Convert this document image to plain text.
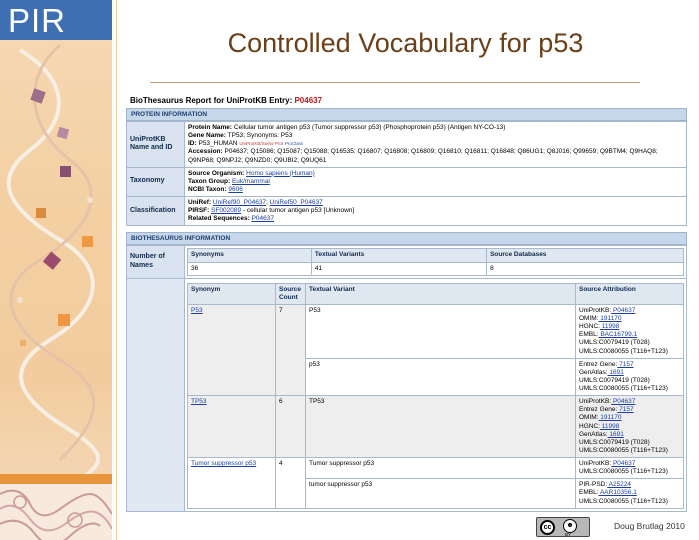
PIR
Controlled Vocabulary for p53
BioThesaurus Report for UniProtKB Entry: P04637
PROTEIN INFORMATION
UniProtKB Name and ID	Protein Name: Cellular tumor antigen p53 (Tumor suppressor p53) (Phosphoprotein p53) (Antigen NY-CO-13)
Gene Name: TP53; Synonyms: P53
ID: P53_HUMAN UniProtKB/Swiss-Prot ProClass
Accession: P04637; Q15086; Q15087; Q15088; Q16535; Q16807; Q16808; Q16809; Q16810; Q16811; Q16848; Q86UG1; Q8J016; Q99659; Q9BTM4; Q9HAQ8; Q9NP68; Q9NPJ2; Q9NZD0; Q9UBI2; Q9UQ61
Taxonomy	Source Organism: Homo sapiens (Human)
Taxon Group: Euk/mammal
NCBI Taxon: 9606
Classification	UniRef: UniRef90_P04637; UniRef50_P04637
PIRSF: SF002089 - cellular tumor antigen p53 [Unknown]
Related Sequences: P04637
BIOTHESAURUS INFORMATION
Number of Names	
Synonyms	Textual Variants	Source Databases
36	41	8

Synonym	Source Count	Textual Variant	Source Attribution
P53	7	P53	UniProtKB: P04637
OMIM: 191170
HGNC: 11998
EMBL: BAC16799.1
UMLS:C0079419 (T028)
UMLS:C0080055 (T116+T123)

p53	Entrez Gene: 7157
GenAtlas: 1691
UMLS:C0079419 (T028)
UMLS:C0080055 (T116+T123)

TP53	6	TP53	UniProtKB: P04637
Entrez Gene: 7157
OMIM: 191170
HGNC: 11998
GenAtlas: 1691
UMLS:C0079419 (T028)
UMLS:C0080055 (T116+T123)

Tumor suppressor p53	4	Tumor suppressor p53	UniProtKB: P04637
UMLS:C0080055 (T116+T123)

tumor suppressor p53	PIR-PSD: A25224
EMBL: AAR10356.1
UMLS:C0080055 (T116+T123)
cc	☻
BY
Doug Brutlag 2010
